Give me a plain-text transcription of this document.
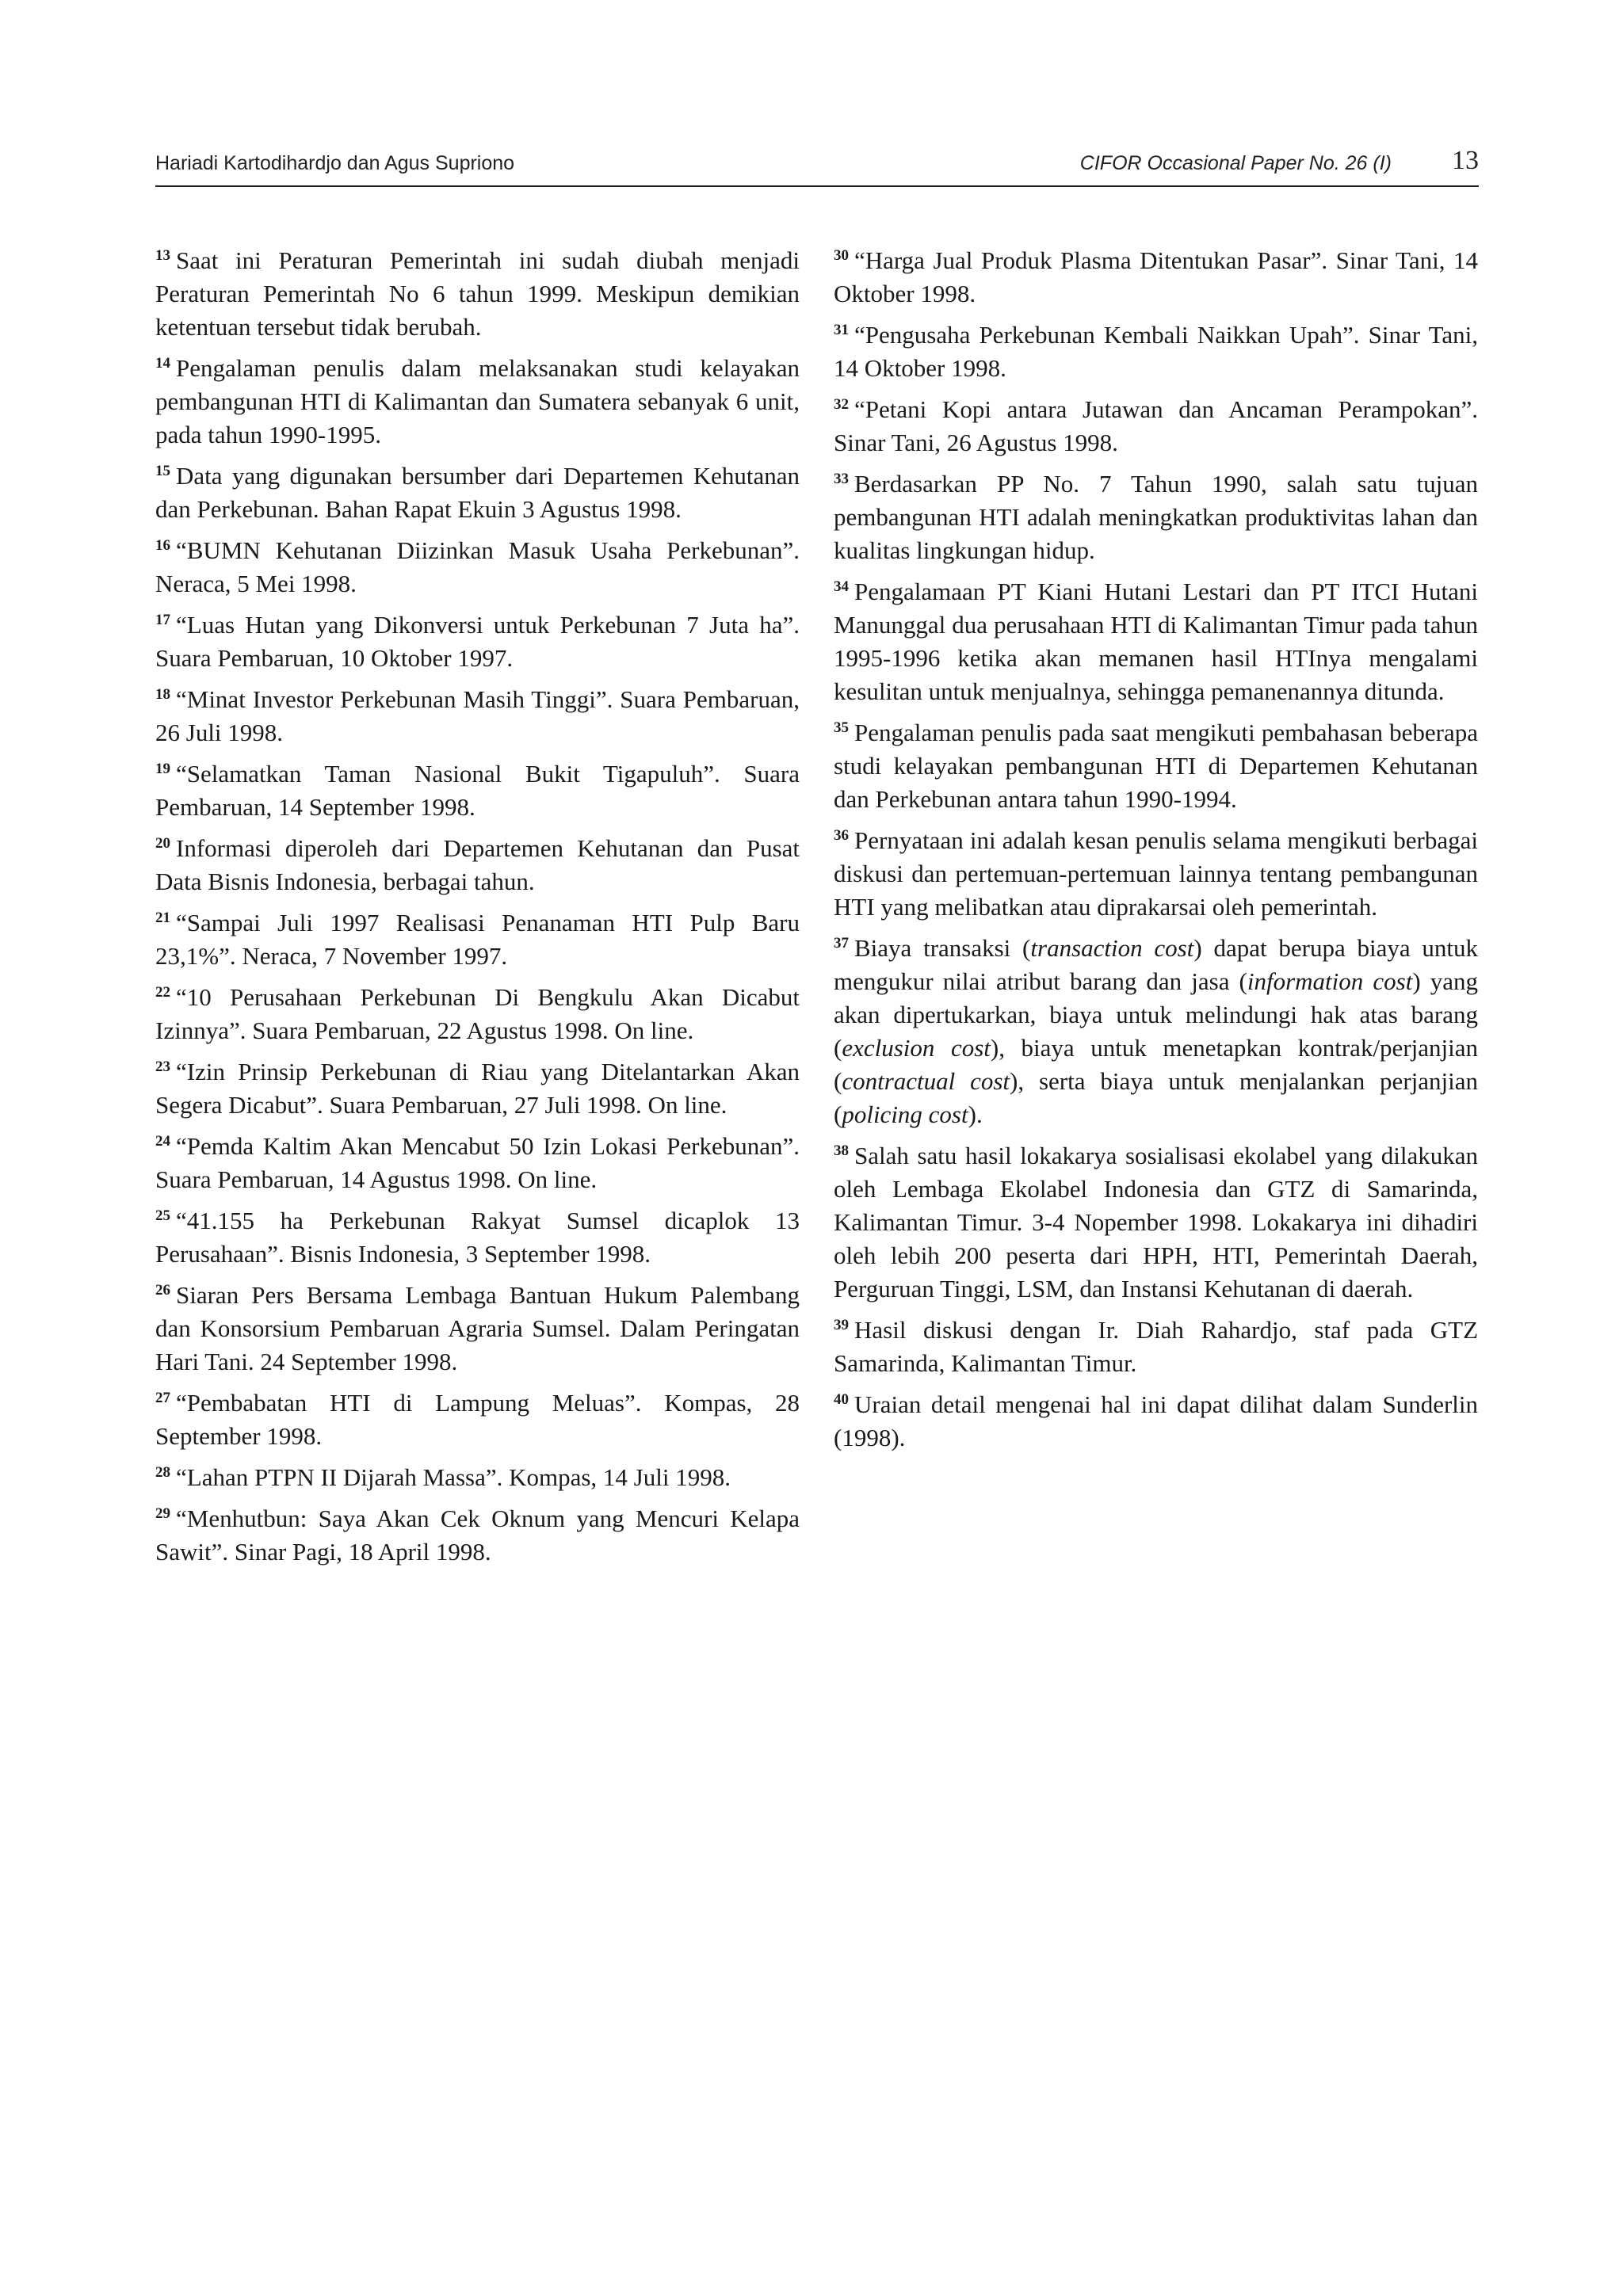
Hariadi Kartodihardjo dan Agus Supriono	CIFOR Occasional Paper No. 26 (I) 13

$^{13}$ Saat ini Peraturan Pemerintah ini sudah diubah menjadi Peraturan Pemerintah No 6 tahun 1999. Meskipun demikian ketentuan tersebut tidak berubah.

$^{14}$ Pengalaman penulis dalam melaksanakan studi kelayakan pembangunan HTI di Kalimantan dan Sumatera sebanyak 6 unit, pada tahun 1990-1995.

$^{15}$ Data yang digunakan bersumber dari Departemen Kehutanan dan Perkebunan. Bahan Rapat Ekuin 3 Agustus 1998.

$^{16}$ “BUMN Kehutanan Diizinkan Masuk Usaha Perkebunan”. Neraca, 5 Mei 1998.

$^{17}$ “Luas Hutan yang Dikonversi untuk Perkebunan 7 Juta ha”. Suara Pembaruan, 10 Oktober 1997.

$^{18}$ “Minat Investor Perkebunan Masih Tinggi”. Suara Pembaruan, 26 Juli 1998.

$^{19}$ “Selamatkan Taman Nasional Bukit Tigapuluh”. Suara Pembaruan, 14 September 1998.

$^{20}$ Informasi diperoleh dari Departemen Kehutanan dan Pusat Data Bisnis Indonesia, berbagai tahun.

$^{21}$ “Sampai Juli 1997 Realisasi Penanaman HTI Pulp Baru 23,1%”. Neraca, 7 November 1997.

$^{22}$ “10 Perusahaan Perkebunan Di Bengkulu Akan Dicabut Izinnya”. Suara Pembaruan, 22 Agustus 1998. On line.

$^{23}$ “Izin Prinsip Perkebunan di Riau yang Ditelantarkan Akan Segera Dicabut”. Suara Pembaruan, 27 Juli 1998. On line.

$^{24}$ “Pemda Kaltim Akan Mencabut 50 Izin Lokasi Perkebunan”. Suara Pembaruan, 14 Agustus 1998. On line.

$^{25}$ “41.155 ha Perkebunan Rakyat Sumsel dicaplok 13 Perusahaan”. Bisnis Indonesia, 3 September 1998.

$^{26}$ Siaran Pers Bersama Lembaga Bantuan Hukum Palembang dan Konsorsium Pembaruan Agraria Sumsel. Dalam Peringatan Hari Tani. 24 September 1998.

$^{27}$ “Pembabatan HTI di Lampung Meluas”. Kompas, 28 September 1998.

$^{28}$ “Lahan PTPN II Dijarah Massa”. Kompas, 14 Juli 1998.

$^{29}$ “Menhutbun: Saya Akan Cek Oknum yang Mencuri Kelapa Sawit”. Sinar Pagi, 18 April 1998.

$^{30}$ “Harga Jual Produk Plasma Ditentukan Pasar”. Sinar Tani, 14 Oktober 1998.

$^{31}$ “Pengusaha Perkebunan Kembali Naikkan Upah”. Sinar Tani, 14 Oktober 1998.

$^{32}$ “Petani Kopi antara Jutawan dan Ancaman Perampokan”. Sinar Tani, 26 Agustus 1998.

$^{33}$ Berdasarkan PP No. 7 Tahun 1990, salah satu tujuan pembangunan HTI adalah meningkatkan produktivitas lahan dan kualitas lingkungan hidup.

$^{34}$ Pengalamaan PT Kiani Hutani Lestari dan PT ITCI Hutani Manunggal dua perusahaan HTI di Kalimantan Timur pada tahun 1995-1996 ketika akan memanen hasil HTInya mengalami kesulitan untuk menjualnya, sehingga pemanenannya ditunda.

$^{35}$ Pengalaman penulis pada saat mengikuti pembahasan beberapa studi kelayakan pembangunan HTI di Departemen Kehutanan dan Perkebunan antara tahun 1990-1994.

$^{36}$ Pernyataan ini adalah kesan penulis selama mengikuti berbagai diskusi dan pertemuan-pertemuan lainnya tentang pembangunan HTI yang melibatkan atau diprakarsai oleh pemerintah.

$^{37}$ Biaya transaksi (transaction cost) dapat berupa biaya untuk mengukur nilai atribut barang dan jasa (information cost) yang akan dipertukarkan, biaya untuk melindungi hak atas barang (exclusion cost), biaya untuk menetapkan kontrak/perjanjian (contractual cost), serta biaya untuk menjalankan perjanjian (policing cost).

$^{38}$ Salah satu hasil lokakarya sosialisasi ekolabel yang dilakukan oleh Lembaga Ekolabel Indonesia dan GTZ di Samarinda, Kalimantan Timur. 3-4 Nopember 1998. Lokakarya ini dihadiri oleh lebih 200 peserta dari HPH, HTI, Pemerintah Daerah, Perguruan Tinggi, LSM, dan Instansi Kehutanan di daerah.

$^{39}$ Hasil diskusi dengan Ir. Diah Rahardjo, staf pada GTZ Samarinda, Kalimantan Timur.

$^{40}$ Uraian detail mengenai hal ini dapat dilihat dalam Sunderlin (1998).
